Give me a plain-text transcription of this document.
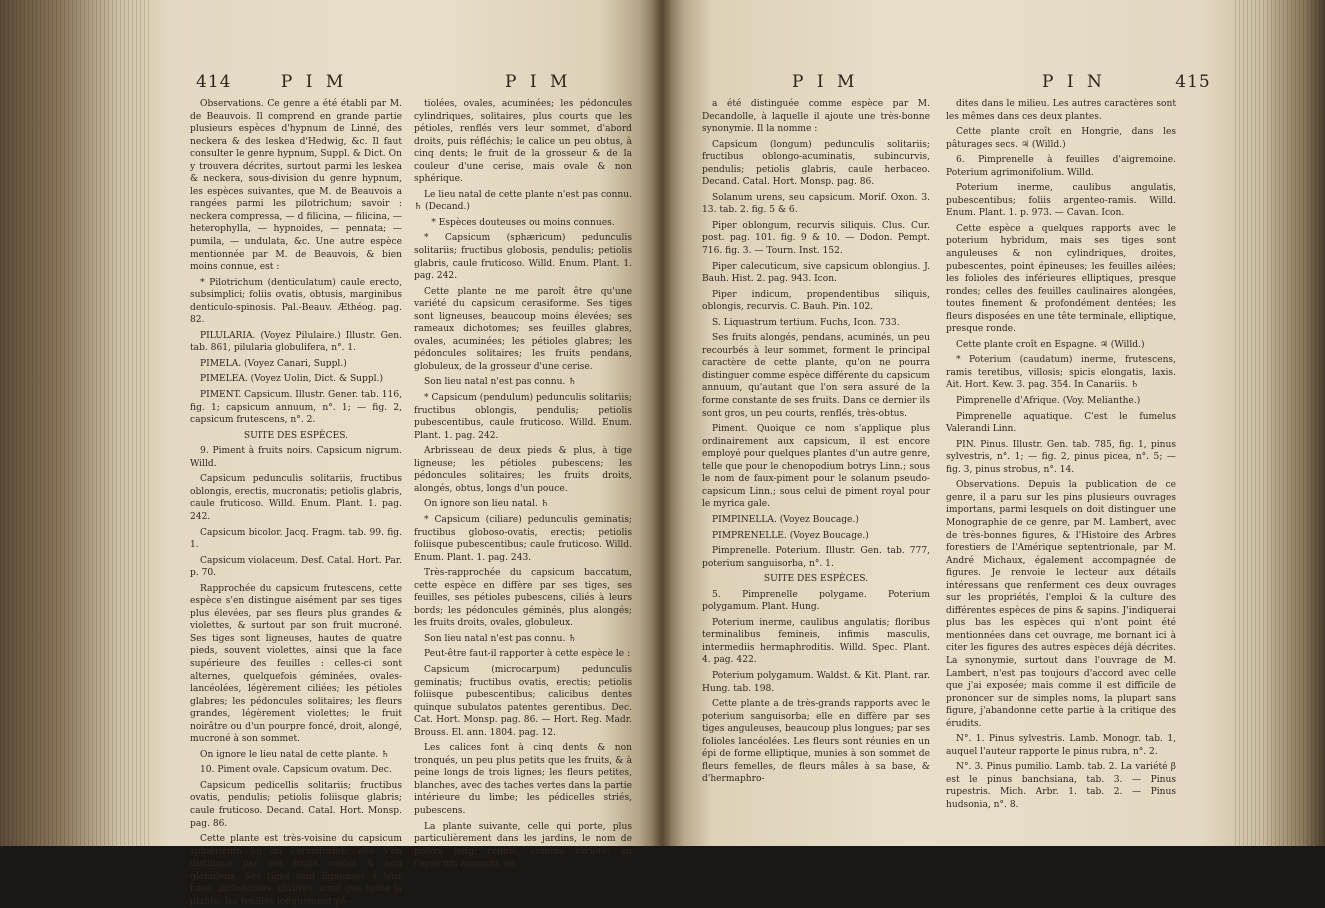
414	P I M	P I M

Observations. Ce genre a été établi par M. de Beauvois. Il comprend en grande partie plusieurs espèces d'hypnum de Linné, des neckera & des leskea d'Hedwig, &c. Il faut consulter le genre hypnum, Suppl. & Dict. On y trouvera décrites, surtout parmi les leskea & neckera, sous-division du genre hypnum, les espèces suivantes, que M. de Beauvois a rangées parmi les pilotrichum; savoir : neckera compressa, — d filicina, — filicina, — heterophylla, — hypnoides, — pennata; — pumila, — undulata, &c. Une autre espèce mentionnée par M. de Beauvois, & bien moins connue, est :

* Pilotrichum (denticulatum) caule erecto, subsimplici; foliis ovatis, obtusis, marginibus denticulo-spinosis. Pal.-Beauv. Æthéog. pag. 82.

PILULARIA. (Voyez Pilulaire.) Illustr. Gen. tab. 861, pilularia globulifera, n°. 1.

PIMELA. (Voyez Canari, Suppl.)

PIMELEA. (Voyez Uolin, Dict. & Suppl.)

PIMENT. Capsicum. Illustr. Gener. tab. 116, fig. 1; capsicum annuum, n°. 1; — fig. 2, capsicum frutescens, n°. 2.

SUITE DES ESPÈCES.

9. Piment à fruits noirs. Capsicum nigrum. Willd.

Capsicum pedunculis solitariis, fructibus oblongis, erectis, mucronatis; petiolis glabris, caule fruticoso. Willd. Enum. Plant. 1. pag. 242.

Capsicum bicolor. Jacq. Fragm. tab. 99. fig. 1.

Capsicum violaceum. Desf. Catal. Hort. Par. p. 70.

Rapprochée du capsicum frutescens, cette espèce s'en distingue aisément par ses tiges plus élevées, par ses fleurs plus grandes & violettes, & surtout par son fruit mucroné. Ses tiges sont ligneuses, hautes de quatre pieds, souvent violettes, ainsi que la face supérieure des feuilles : celles-ci sont alternes, quelquefois géminées, ovales-lancéolées, légèrement ciliées; les pétioles glabres; les pédoncules solitaires; les fleurs grandes, légèrement violettes; le fruit noirâtre ou d'un pourpre foncé, droit, alongé, mucroné à son sommet.

On ignore le lieu natal de cette plante. ♄

10. Piment ovale. Capsicum ovatum. Dec.

Capsicum pedicellis solitariis; fructibus ovatis, pendulis; petiolis foliisque glabris; caule fruticoso. Decand. Catal. Hort. Monsp. pag. 86.

Cette plante est très-voisine du capsicum sphæricum ou du cerasiforme; elle s'en distingue par ses fruits ovales & non globuleux. Ses tiges sont ligneuses à leur base, dichotomes, glabres, ainsi que toute la plante; les feuilles longuement pé-

tiolées, ovales, acuminées; les pédoncules cylindriques, solitaires, plus courts que les pétioles, renflés vers leur sommet, d'abord droits, puis réfléchis; le calice un peu obtus, à cinq dents; le fruit de la grosseur & de la couleur d'une cerise, mais ovale & non sphérique.

Le lieu natal de cette plante n'est pas connu. ♄ (Decand.)

* Espèces douteuses ou moins connues.

* Capsicum (sphæricum) pedunculis solitariis; fructibus globosis, pendulis; petiolis glabris, caule fruticoso. Willd. Enum. Plant. 1. pag. 242.

Cette plante ne me paroît être qu'une variété du capsicum cerasiforme. Ses tiges sont ligneuses, beaucoup moins élevées; ses rameaux dichotomes; ses feuilles glabres, ovales, acuminées; les pétioles glabres; les pédoncules solitaires; les fruits pendans, globuleux, de la grosseur d'une cerise.

Son lieu natal n'est pas connu. ♄

* Capsicum (pendulum) pedunculis solitariis; fructibus oblongis, pendulis; petiolis pubescentibus, caule fruticoso. Willd. Enum. Plant. 1. pag. 242.

Arbrisseau de deux pieds & plus, à tige ligneuse; les pétioles pubescens; les pédoncules solitaires; les fruits droits, alongés, obtus, longs d'un pouce.

On ignore son lieu natal. ♄

* Capsicum (ciliare) pedunculis geminatis; fructibus globoso-ovatis, erectis; petiolis foliisque pubescentibus; caule fruticoso. Willd. Enum. Plant. 1. pag. 243.

Très-rapprochée du capsicum baccatum, cette espèce en diffère par ses tiges, ses feuilles, ses pétioles pubescens, ciliés à leurs bords; les pédoncules géminés, plus alongés; les fruits droits, ovales, globuleux.

Son lieu natal n'est pas connu. ♄

Peut-être faut-il rapporter à cette espèce le :

Capsicum (microcarpum) pedunculis geminatis; fructibus ovatis, erectis; petiolis foliisque pubescentibus; calicibus dentes quinque subulatos patentes gerentibus. Dec. Cat. Hort. Monsp. pag. 86. — Hort. Reg. Madr. Brouss. El. ann. 1804. pag. 12.

Les calices font à cinq dents & non tronqués, un peu plus petits que les fruits, & à peine longs de trois lignes; les fleurs petites, blanches, avec des taches vertes dans la partie intérieure du limbe; les pédicelles striés, pubescens.

La plante suivante, celle qui porte, plus particulièrement dans les jardins, le nom de poivre long, réunie, comme variété, au capsicum annuum, en

P I M	P I N	415

a été distinguée comme espèce par M. Decandolle, à laquelle il ajoute une très-bonne synonymie. Il la nomme :

Capsicum (longum) pedunculis solitariis; fructibus oblongo-acuminatis, subincurvis, pendulis; petiolis glabris, caule herbaceo. Decand. Catal. Hort. Monsp. pag. 86.

Solanum urens, seu capsicum. Morif. Oxon. 3. 13. tab. 2. fig. 5 & 6.

Piper oblongum, recurvis siliquis. Clus. Cur. post. pag. 101. fig. 9 & 10. — Dodon. Pempt. 716. fig. 3. — Tourn. Inst. 152.

Piper calecuticum, sive capsicum oblongius. J. Bauh. Hist. 2. pag. 943. Icon.

Piper indicum, propendentibus siliquis, oblongis, recurvis. C. Bauh. Pin. 102.

S. Liquastrum tertium. Fuchs, Icon. 733.

Ses fruits alongés, pendans, acuminés, un peu recourbés à leur sommet, forment le principal caractère de cette plante, qu'on ne pourra distinguer comme espèce différente du capsicum annuum, qu'autant que l'on sera assuré de la forme constante de ses fruits. Dans ce dernier ils sont gros, un peu courts, renflés, très-obtus.

Piment. Quoique ce nom s'applique plus ordinairement aux capsicum, il est encore employé pour quelques plantes d'un autre genre, telle que pour le chenopodium botrys Linn.; sous le nom de faux-piment pour le solanum pseudo-capsicum Linn.; sous celui de piment royal pour le myrica gale.

PIMPINELLA. (Voyez Boucage.)

PIMPRENELLE. (Voyez Boucage.)

Pimprenelle. Poterium. Illustr. Gen. tab. 777, poterium sanguisorba, n°. 1.

SUITE DES ESPÈCES.

5. Pimprenelle polygame. Poterium polygamum. Plant. Hung.

Poterium inerme, caulibus angulatis; floribus terminalibus femineis, infimis masculis, intermediis hermaphroditis. Willd. Spec. Plant. 4. pag. 422.

Poterium polygamum. Waldst. & Kit. Plant. rar. Hung. tab. 198.

Cette plante a de très-grands rapports avec le poterium sanguisorba; elle en diffère par ses tiges anguleuses, beaucoup plus longues; par ses folioles lancéolées. Les fleurs sont réunies en un épi de forme elliptique, munies à son sommet de fleurs femelles, de fleurs mâles à sa base, & d'hermaphro-

dites dans le milieu. Les autres caractères sont les mêmes dans ces deux plantes.

Cette plante croît en Hongrie, dans les pâturages secs. ♃ (Willd.)

6. Pimprenelle à feuilles d'aigremoine. Poterium agrimonifolium. Willd.

Poterium inerme, caulibus angulatis, pubescentibus; foliis argenteo-ramis. Willd. Enum. Plant. 1. p. 973. — Cavan. Icon.

Cette espèce a quelques rapports avec le poterium hybridum, mais ses tiges sont anguleuses & non cylindriques, droites, pubescentes, point épineuses; les feuilles ailées; les folioles des inférieures elliptiques, presque rondes; celles des feuilles caulinaires alongées, toutes finement & profondément dentées; les fleurs disposées en une tête terminale, elliptique, presque ronde.

Cette plante croît en Espagne. ♃ (Willd.)

* Poterium (caudatum) inerme, frutescens, ramis teretibus, villosis; spicis elongatis, laxis. Ait. Hort. Kew. 3. pag. 354. In Canariis. ♄

Pimprenelle d'Afrique. (Voy. Melianthe.)

Pimprenelle aquatique. C'est le fumelus Valerandi Linn.

PIN. Pinus. Illustr. Gen. tab. 785, fig. 1, pinus sylvestris, n°. 1; — fig. 2, pinus picea, n°. 5; — fig. 3, pinus strobus, n°. 14.

Observations. Depuis la publication de ce genre, il a paru sur les pins plusieurs ouvrages importans, parmi lesquels on doit distinguer une Monographie de ce genre, par M. Lambert, avec de très-bonnes figures, & l'Histoire des Arbres forestiers de l'Amérique septentrionale, par M. André Michaux, également accompagnée de figures. Je renvoie le lecteur aux détails intéressans que renferment ces deux ouvrages sur les propriétés, l'emploi & la culture des différentes espèces de pins & sapins. J'indiquerai plus bas les espèces qui n'ont point été mentionnées dans cet ouvrage, me bornant ici à citer les figures des autres espèces déjà décrites. La synonymie, surtout dans l'ouvrage de M. Lambert, n'est pas toujours d'accord avec celle que j'ai exposée; mais comme il est difficile de prononcer sur de simples noms, la plupart sans figure, j'abandonne cette partie à la critique des érudits.

N°. 1. Pinus sylvestris. Lamb. Monogr. tab. 1, auquel l'auteur rapporte le pinus rubra, n°. 2.

N°. 3. Pinus pumilio. Lamb. tab. 2. La variété β est le pinus banchsiana, tab. 3. — Pinus rupestris. Mich. Arbr. 1. tab. 2. — Pinus hudsonia, n°. 8.
